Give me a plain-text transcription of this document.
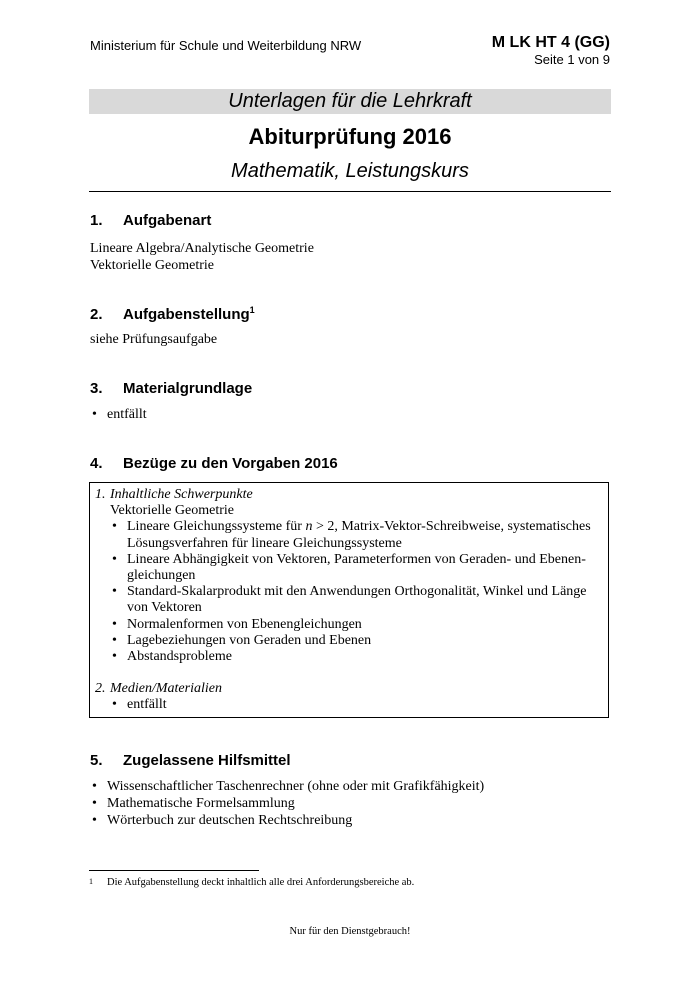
Ministerium für Schule und Weiterbildung NRW	M LK HT 4 (GG)
Seite 1 von 9
Unterlagen für die Lehrkraft
Abiturprüfung 2016
Mathematik, Leistungskurs
1. Aufgabenart
Lineare Algebra/Analytische Geometrie
Vektorielle Geometrie
2. Aufgabenstellung$^1$
siehe Prüfungsaufgabe
3. Materialgrundlage
• entfällt
4. Bezüge zu den Vorgaben 2016
1. Inhaltliche Schwerpunkte
Vektorielle Geometrie
• Lineare Gleichungssysteme für n > 2, Matrix-Vektor-Schreibweise, systematisches Lösungsverfahren für lineare Gleichungssysteme
• Lineare Abhängigkeit von Vektoren, Parameterformen von Geraden- und Ebenengleichungen
• Standard-Skalarprodukt mit den Anwendungen Orthogonalität, Winkel und Länge von Vektoren
• Normalenformen von Ebenengleichungen
• Lagebeziehungen von Geraden und Ebenen
• Abstandsprobleme
2. Medien/Materialien
• entfällt
5. Zugelassene Hilfsmittel
• Wissenschaftlicher Taschenrechner (ohne oder mit Grafikfähigkeit)
• Mathematische Formelsammlung
• Wörterbuch zur deutschen Rechtschreibung
1 Die Aufgabenstellung deckt inhaltlich alle drei Anforderungsbereiche ab.
Nur für den Dienstgebrauch!
